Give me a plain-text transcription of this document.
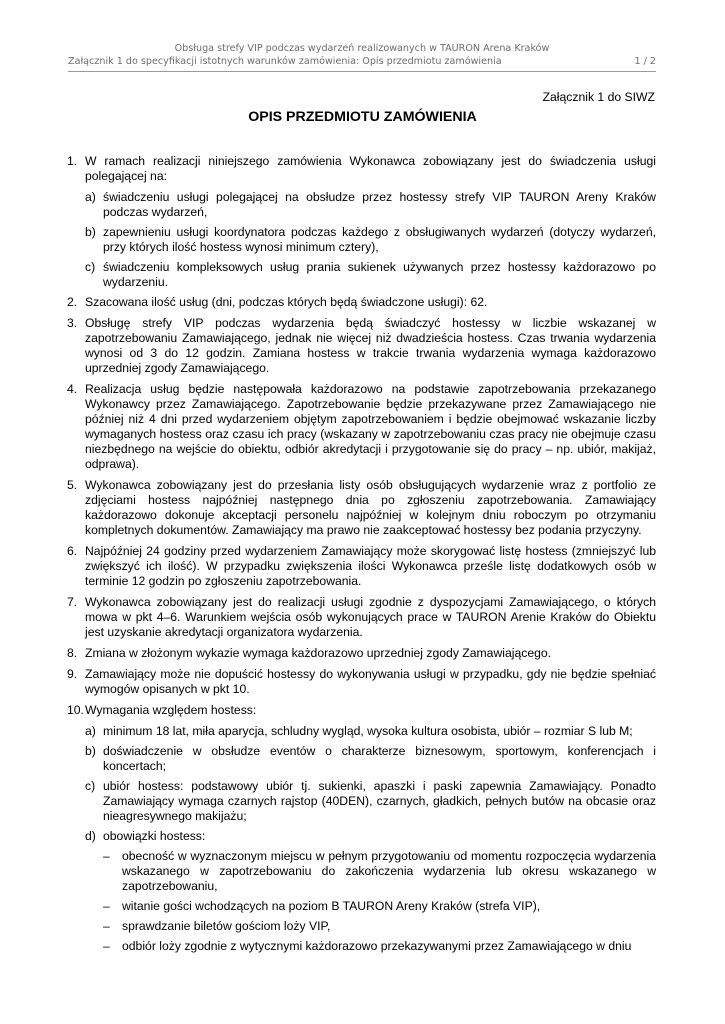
Obsługa strefy VIP podczas wydarzeń realizowanych w TAURON Arena Kraków
Załącznik 1 do specyfikacji istotnych warunków zamówienia: Opis przedmiotu zamówienia	1 / 2
Załącznik 1 do SIWZ
OPIS PRZEDMIOTU ZAMÓWIENIA
1. W ramach realizacji niniejszego zamówienia Wykonawca zobowiązany jest do świadczenia usługi polegającej na:
a) świadczeniu usługi polegającej na obsłudze przez hostessy strefy VIP TAURON Areny Kraków podczas wydarzeń,
b) zapewnieniu usługi koordynatora podczas każdego z obsługiwanych wydarzeń (dotyczy wydarzeń, przy których ilość hostess wynosi minimum cztery),
c) świadczeniu kompleksowych usług prania sukienek używanych przez hostessy każdorazowo po wydarzeniu.
2. Szacowana ilość usług (dni, podczas których będą świadczone usługi): 62.
3. Obsługę strefy VIP podczas wydarzenia będą świadczyć hostessy w liczbie wskazanej w zapotrzebowaniu Zamawiającego, jednak nie więcej niż dwadzieścia hostess. Czas trwania wydarzenia wynosi od 3 do 12 godzin. Zamiana hostess w trakcie trwania wydarzenia wymaga każdorazowo uprzedniej zgody Zamawiającego.
4. Realizacja usług będzie następowała każdorazowo na podstawie zapotrzebowania przekazanego Wykonawcy przez Zamawiającego. Zapotrzebowanie będzie przekazywane przez Zamawiającego nie później niż 4 dni przed wydarzeniem objętym zapotrzebowaniem i będzie obejmować wskazanie liczby wymaganych hostess oraz czasu ich pracy (wskazany w zapotrzebowaniu czas pracy nie obejmuje czasu niezbędnego na wejście do obiektu, odbiór akredytacji i przygotowanie się do pracy – np. ubiór, makijaż, odprawa).
5. Wykonawca zobowiązany jest do przesłania listy osób obsługujących wydarzenie wraz z portfolio ze zdjęciami hostess najpóźniej następnego dnia po zgłoszeniu zapotrzebowania. Zamawiający każdorazowo dokonuje akceptacji personelu najpóźniej w kolejnym dniu roboczym po otrzymaniu kompletnych dokumentów. Zamawiający ma prawo nie zaakceptować hostessy bez podania przyczyny.
6. Najpóźniej 24 godziny przed wydarzeniem Zamawiający może skorygować listę hostess (zmniejszyć lub zwiększyć ich ilość). W przypadku zwiększenia ilości Wykonawca prześle listę dodatkowych osób w terminie 12 godzin po zgłoszeniu zapotrzebowania.
7. Wykonawca zobowiązany jest do realizacji usługi zgodnie z dyspozycjami Zamawiającego, o których mowa w pkt 4–6. Warunkiem wejścia osób wykonujących prace w TAURON Arenie Kraków do Obiektu jest uzyskanie akredytacji organizatora wydarzenia.
8. Zmiana w złożonym wykazie wymaga każdorazowo uprzedniej zgody Zamawiającego.
9. Zamawiający może nie dopuścić hostessy do wykonywania usługi w przypadku, gdy nie będzie spełniać wymogów opisanych w pkt 10.
10. Wymagania względem hostess:
a) minimum 18 lat, miła aparycja, schludny wygląd, wysoka kultura osobista, ubiór – rozmiar S lub M;
b) doświadczenie w obsłudze eventów o charakterze biznesowym, sportowym, konferencjach i koncertach;
c) ubiór hostess: podstawowy ubiór tj. sukienki, apaszki i paski zapewnia Zamawiający. Ponadto Zamawiający wymaga czarnych rajstop (40DEN), czarnych, gładkich, pełnych butów na obcasie oraz nieagresywnego makijażu;
d) obowiązki hostess:
– obecność w wyznaczonym miejscu w pełnym przygotowaniu od momentu rozpoczęcia wydarzenia wskazanego w zapotrzebowaniu do zakończenia wydarzenia lub okresu wskazanego w zapotrzebowaniu,
– witanie gości wchodzących na poziom B TAURON Areny Kraków (strefa VIP),
– sprawdzanie biletów gościom loży VIP,
– odbiór loży zgodnie z wytycznymi każdorazowo przekazywanymi przez Zamawiającego w dniu
